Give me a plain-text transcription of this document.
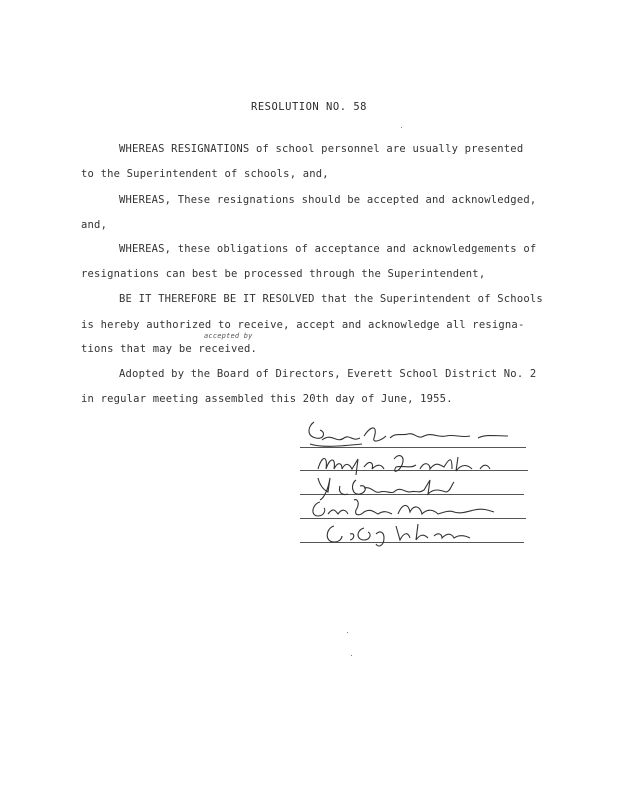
RESOLUTION NO. 58
WHEREAS RESIGNATIONS of school personnel are usually presented
to the Superintendent of schools, and,
WHEREAS, These resignations should be accepted and acknowledged,
and,
WHEREAS, these obligations of acceptance and acknowledgements of
resignations can best be processed through the Superintendent,
BE IT THEREFORE BE IT RESOLVED that the Superintendent of Schools
is hereby authorized to receive, accept and acknowledge all resigna-
accepted by
tions that may be received.
Adopted by the Board of Directors, Everett School District No. 2
in regular meeting assembled this 20th day of June, 1955.
